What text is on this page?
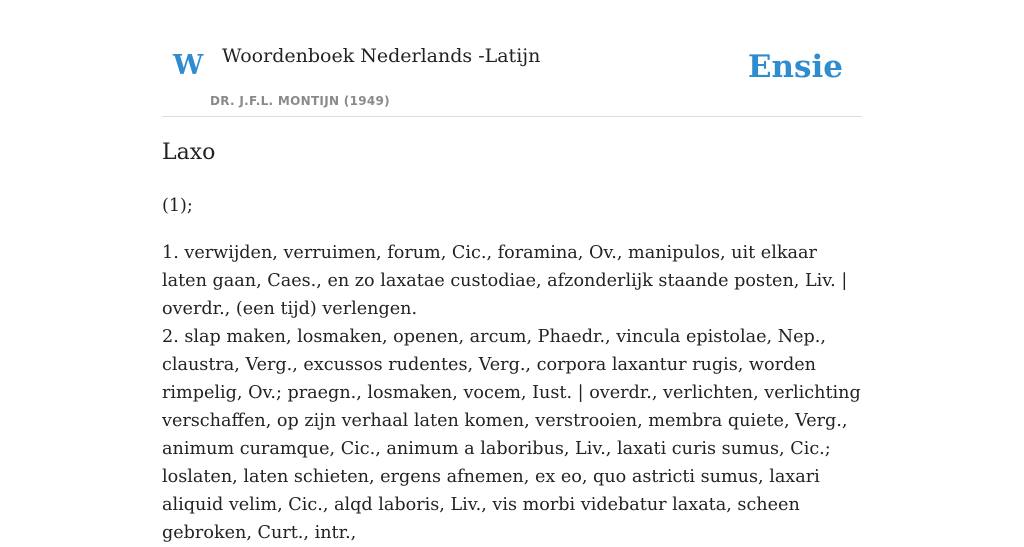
W Woordenboek Nederlands -Latijn
DR. J.F.L. MONTIJN (1949)
Ensie
Laxo

(1);

1. verwijden, verruimen, forum, Cic., foramina, Ov., manipulos, uit elkaar laten gaan, Caes., en zo laxatae custodiae, afzonderlijk staande posten, Liv. | overdr., (een tijd) verlengen.

2. slap maken, losmaken, openen, arcum, Phaedr., vincula epistolae, Nep., claustra, Verg., excussos rudentes, Verg., corpora laxantur rugis, worden rimpelig, Ov.; praegn., losmaken, vocem, Iust. | overdr., verlichten, verlichting verschaffen, op zijn verhaal laten komen, verstrooien, membra quiete, Verg., animum curamque, Cic., animum a laboribus, Liv., laxati curis sumus, Cic.; loslaten, laten schieten, ergens afnemen, ex eo, quo astricti sumus, laxari aliquid velim, Cic., alqd laboris, Liv., vis morbi videbatur laxata, scheen gebroken, Curt., intr.,
